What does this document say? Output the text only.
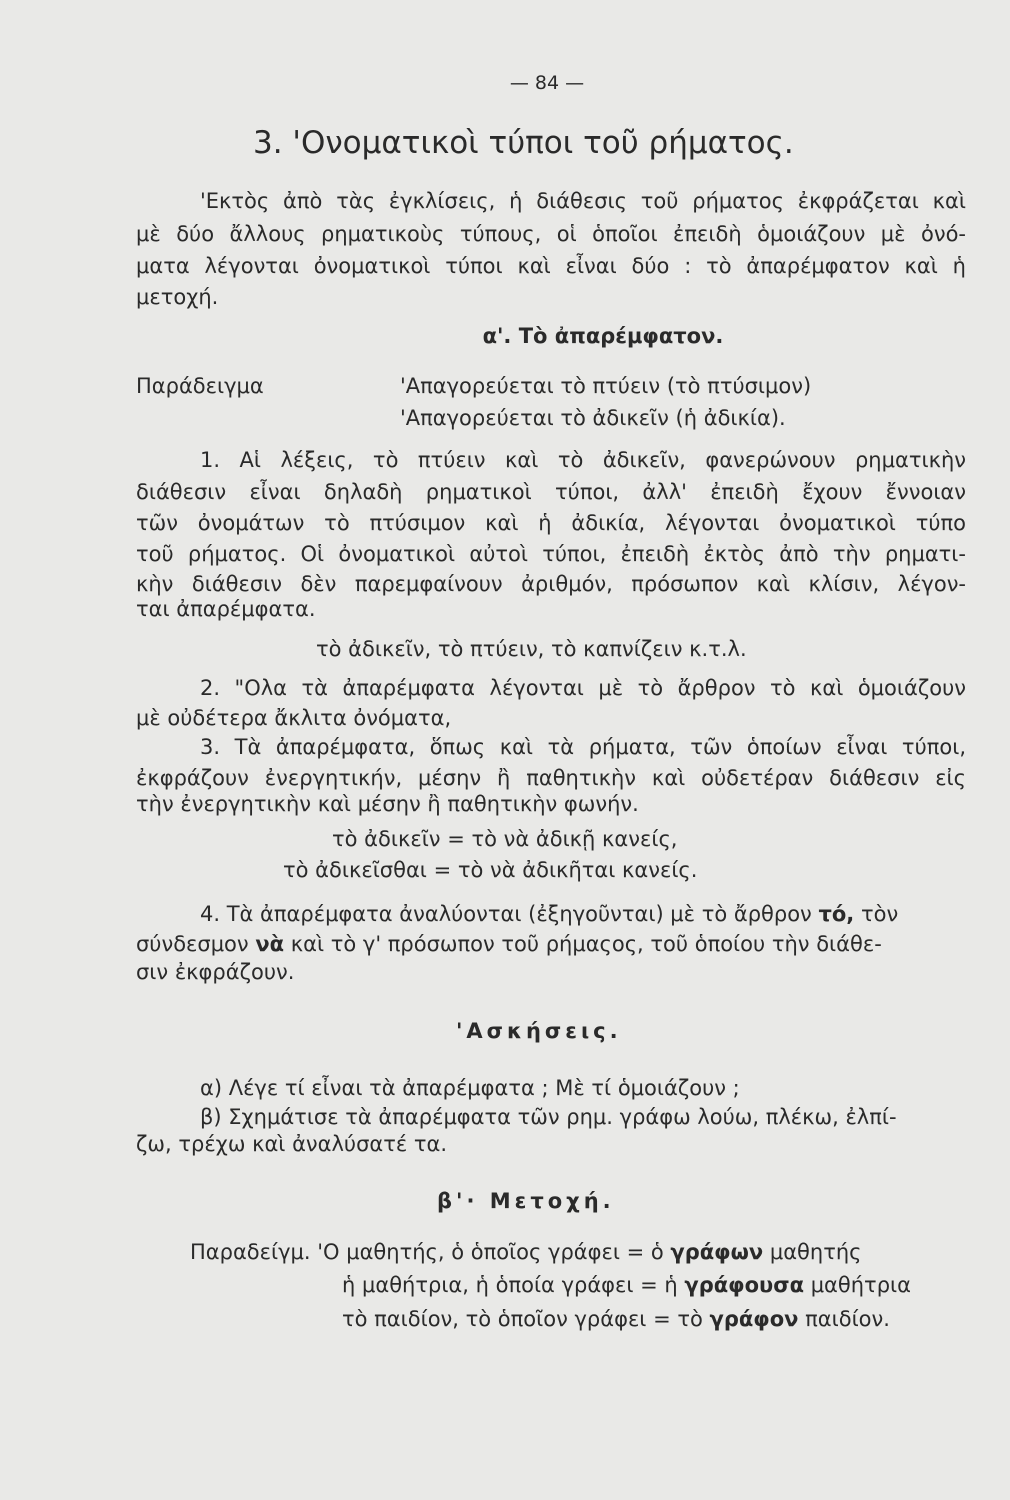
— 84 —
3. 'Ονοματικοὶ τύποι τοῦ ρήματος.
'Εκτὸς ἀπὸ τὰς ἐγκλίσεις, ἡ διάθεσις τοῦ ρήματος ἐκφράζεται καὶ
μὲ δύο ἄλλους ρηματικοὺς τύπους, οἱ ὁποῖοι ἐπειδὴ ὁμοιάζουν μὲ ὀνό-
ματα λέγονται ὀνοματικοὶ τύποι καὶ εἶναι δύο : τὸ ἀπαρέμφατον καὶ ἡ
μετοχή.
α'. Τὸ ἀπαρέμφατον.
Παράδειγμα	'Απαγορεύεται τὸ πτύειν (τὸ πτύσιμον)
'Απαγορεύεται τὸ ἀδικεῖν (ἡ ἀδικία).
1. Αἱ λέξεις, τὸ πτύειν καὶ τὸ ἀδικεῖν, φανερώνουν ρηματικὴν
διάθεσιν εἶναι δηλαδὴ ρηματικοὶ τύποι, ἀλλ' ἐπειδὴ ἔχουν ἔννοιαν
τῶν ὀνομάτων τὸ πτύσιμον καὶ ἡ ἀδικία, λέγονται ὀνοματικοὶ τύπο
τοῦ ρήματος. Οἱ ὀνοματικοὶ αὐτοὶ τύποι, ἐπειδὴ ἐκτὸς ἀπὸ τὴν ρηματι-
κὴν διάθεσιν δὲν παρεμφαίνουν ἀριθμόν, πρόσωπον καὶ κλίσιν, λέγον-
ται ἀπαρέμφατα.
τὸ ἀδικεῖν, τὸ πτύειν, τὸ καπνίζειν κ.τ.λ.
2. "Ολα τὰ ἀπαρέμφατα λέγονται μὲ τὸ ἄρθρον τὸ καὶ ὁμοιάζουν
μὲ οὐδέτερα ἄκλιτα ὀνόματα,
3. Τὰ ἀπαρέμφατα, ὅπως καὶ τὰ ρήματα, τῶν ὁποίων εἶναι τύποι,
ἐκφράζουν ἐνεργητικήν, μέσην ἢ παθητικὴν καὶ οὐδετέραν διάθεσιν εἰς
τὴν ἐνεργητικὴν καὶ μέσην ἢ παθητικὴν φωνήν.
τὸ ἀδικεῖν = τὸ νὰ ἀδικῇ κανείς,
τὸ ἀδικεῖσθαι = τὸ νὰ ἀδικῆται κανείς.
4. Τὰ ἀπαρέμφατα ἀναλύονται (ἐξηγοῦνται) μὲ τὸ ἄρθρον τό, τὸν
σύνδεσμον νὰ καὶ τὸ γ' πρόσωπον τοῦ ρήμαςος, τοῦ ὁποίου τὴν διάθε-
σιν ἐκφράζουν.
'Ασκήσεις.
α) Λέγε τί εἶναι τὰ ἀπαρέμφατα ; Μὲ τί ὁμοιάζουν ;
β) Σχημάτισε τὰ ἀπαρέμφατα τῶν ρημ. γράφω λούω, πλέκω, ἐλπί-
ζω, τρέχω καὶ ἀναλύσατέ τα.
β'· Μετοχή.
Παραδείγμ. 'Ο μαθητής, ὁ ὁποῖος γράφει = ὁ γράφων μαθητής
ἡ μαθήτρια, ἡ ὁποία γράφει = ἡ γράφουσα μαθήτρια
τὸ παιδίον, τὸ ὁποῖον γράφει = τὸ γράφον παιδίον.
